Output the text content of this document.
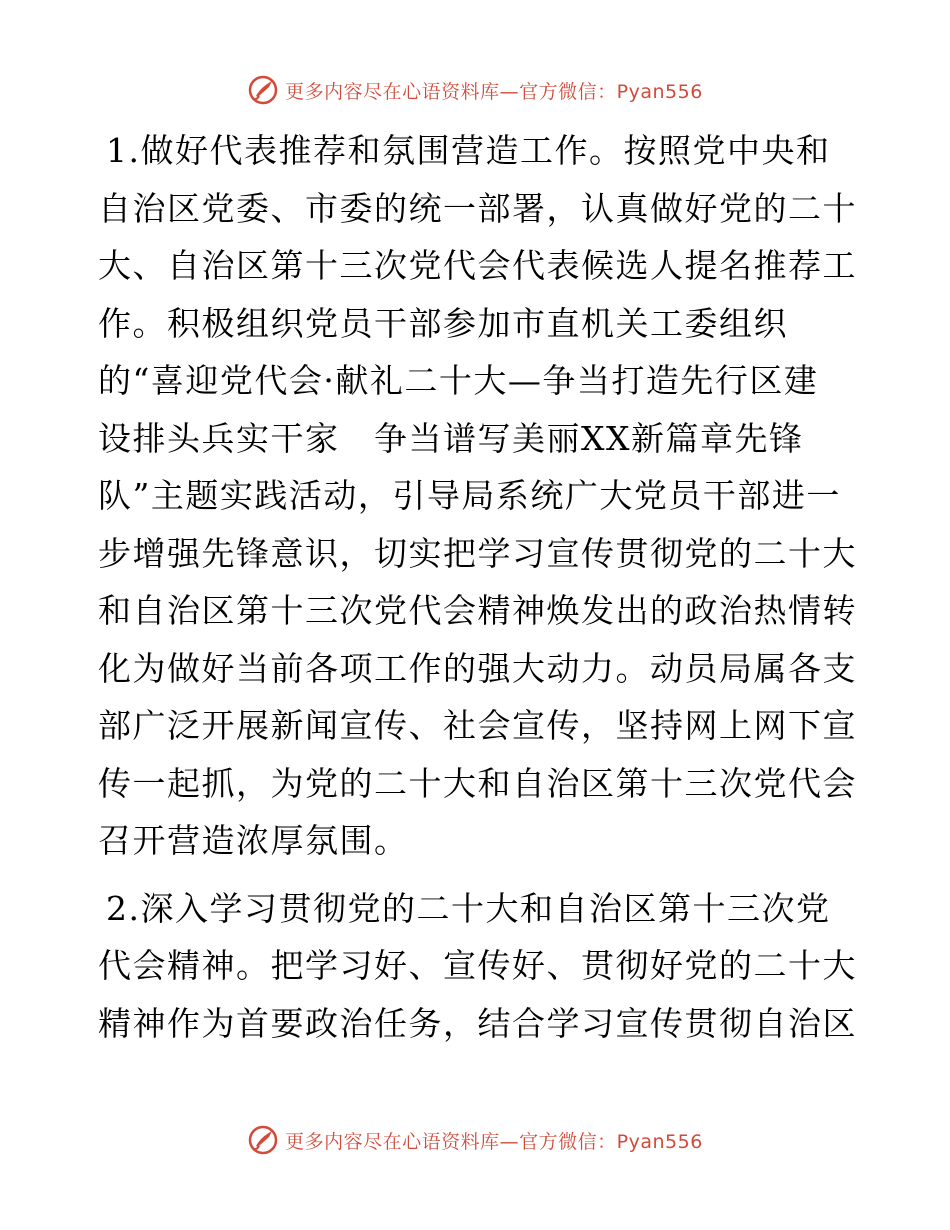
更多内容尽在心语资料库—官方微信：Pyan556
1.做好代表推荐和氛围营造工作。按照党中央和
自治区党委、市委的统一部署，认真做好党的二十
大、自治区第十三次党代会代表候选人提名推荐工
作。积极组织党员干部参加市直机关工委组织
的“喜迎党代会·献礼二十大—争当打造先行区建
设排头兵实干家　争当谱写美丽XX新篇章先锋
队”主题实践活动，引导局系统广大党员干部进一
步增强先锋意识，切实把学习宣传贯彻党的二十大
和自治区第十三次党代会精神焕发出的政治热情转
化为做好当前各项工作的强大动力。动员局属各支
部广泛开展新闻宣传、社会宣传，坚持网上网下宣
传一起抓，为党的二十大和自治区第十三次党代会
召开营造浓厚氛围。
2.深入学习贯彻党的二十大和自治区第十三次党
代会精神。把学习好、宣传好、贯彻好党的二十大
精神作为首要政治任务，结合学习宣传贯彻自治区
更多内容尽在心语资料库—官方微信：Pyan556
